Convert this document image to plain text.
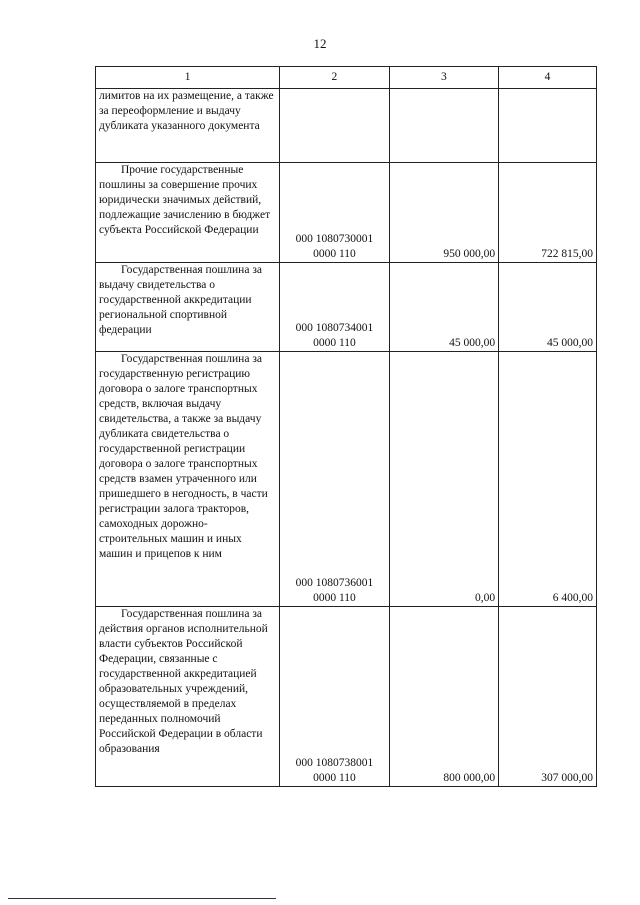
12
1	2	3	4
лимитов на их размещение, а также за переоформление и выдачу дубликата указанного документа			

Прочие государственные пошлины за совершение прочих юридически значимых действий, подлежащие зачислению в бюджет субъекта Российской Федерации	000 1080730001 0000 110	950 000,00	722 815,00

Государственная пошлина за выдачу свидетельства о государственной аккредитации региональной спортивной федерации	000 1080734001 0000 110	45 000,00	45 000,00

Государственная пошлина за государственную регистрацию договора о залоге транспортных средств, включая выдачу свидетельства, а также за выдачу дубликата свидетельства о государственной регистрации договора о залоге транспортных средств взамен утраченного или пришедшего в негодность, в части регистрации залога тракторов, самоходных дорожно-строительных машин и иных машин и прицепов к ним	000 1080736001 0000 110	0,00	6 400,00

Государственная пошлина за действия органов исполнительной власти субъектов Российской Федерации, связанные с государственной аккредитацией образовательных учреждений, осуществляемой в пределах переданных полномочий Российской Федерации в области образования	000 1080738001 0000 110	800 000,00	307 000,00
